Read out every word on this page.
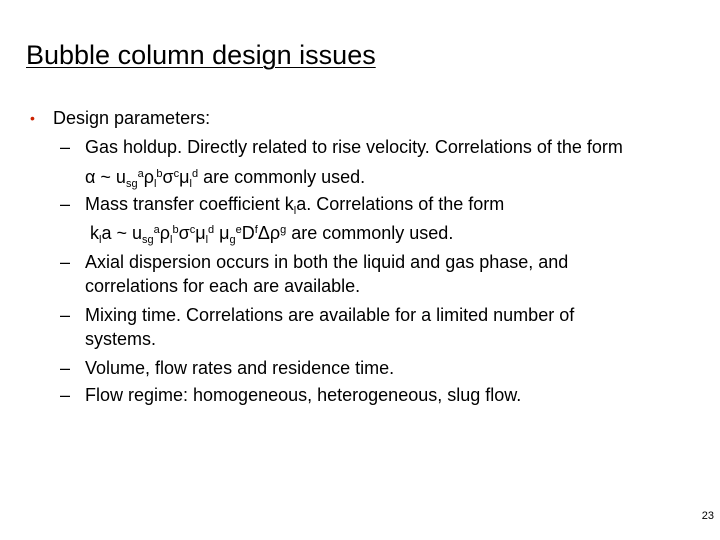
Bubble column design issues
• Design parameters:
– Gas holdup. Directly related to rise velocity. Correlations of the form
α ~ $u_{sg}^a\rho_l^b\sigma^c\mu_l^d$ are commonly used.
– Mass transfer coefficient $k_la$. Correlations of the form
$k_la$ ~ $u_{sg}^a\rho_l^b\sigma^c\mu_l^d$ $\mu_g^eD^f\Delta\rho^g$ are commonly used.
– Axial dispersion occurs in both the liquid and gas phase, and
correlations for each are available.
– Mixing time. Correlations are available for a limited number of
systems.
– Volume, flow rates and residence time.
– Flow regime: homogeneous, heterogeneous, slug flow.
23
